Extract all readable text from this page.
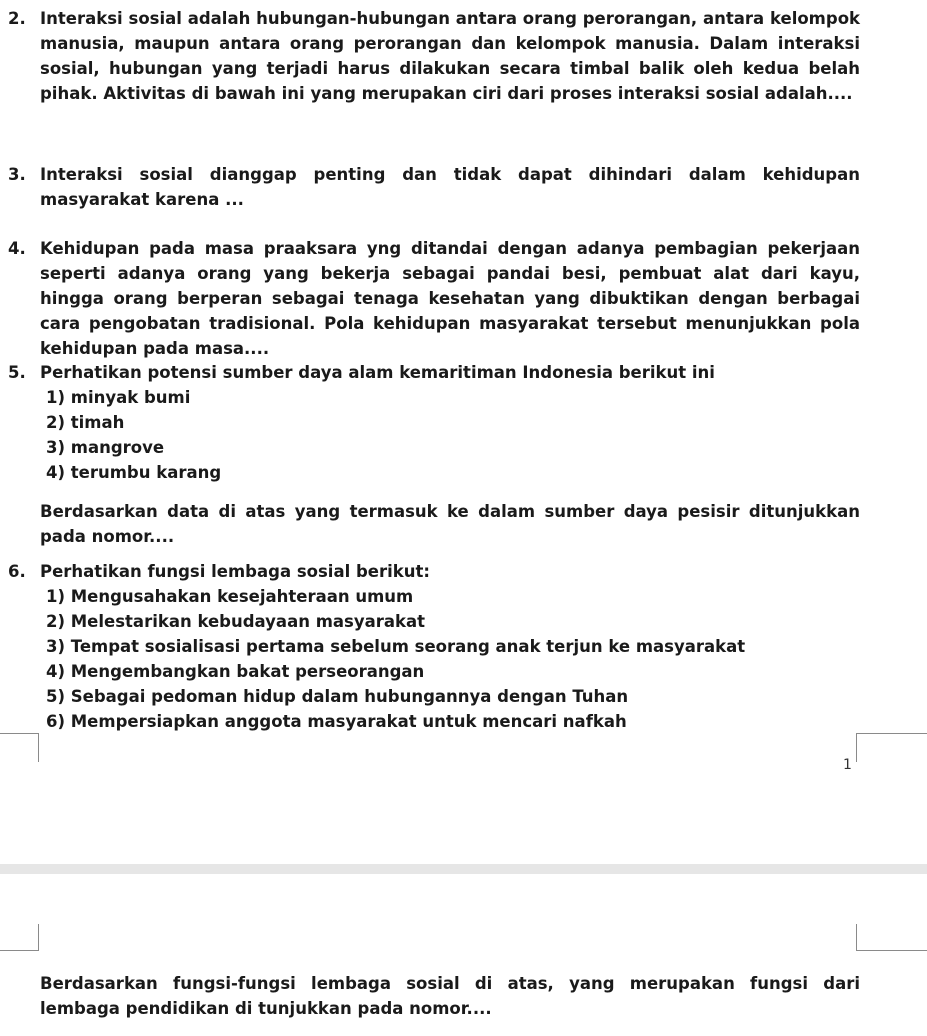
2. Interaksi sosial adalah hubungan-hubungan antara orang perorangan, antara kelompok manusia, maupun antara orang perorangan dan kelompok manusia. Dalam interaksi sosial, hubungan yang terjadi harus dilakukan secara timbal balik oleh kedua belah pihak. Aktivitas di bawah ini yang merupakan ciri dari proses interaksi sosial adalah....
3. Interaksi sosial dianggap penting dan tidak dapat dihindari dalam kehidupan masyarakat karena ...
4. Kehidupan pada masa praaksara yng ditandai dengan adanya pembagian pekerjaan seperti adanya orang yang bekerja sebagai pandai besi, pembuat alat dari kayu, hingga orang berperan sebagai tenaga kesehatan yang dibuktikan dengan berbagai cara pengobatan tradisional. Pola kehidupan masyarakat tersebut menunjukkan pola kehidupan pada masa....
5. Perhatikan potensi sumber daya alam kemaritiman Indonesia berikut ini
1) minyak bumi
2) timah
3) mangrove
4) terumbu karang
Berdasarkan data di atas yang termasuk ke dalam sumber daya pesisir ditunjukkan pada nomor....
6. Perhatikan fungsi lembaga sosial berikut:
1) Mengusahakan kesejahteraan umum
2) Melestarikan kebudayaan masyarakat
3) Tempat sosialisasi pertama sebelum seorang anak terjun ke masyarakat
4) Mengembangkan bakat perseorangan
5) Sebagai pedoman hidup dalam hubungannya dengan Tuhan
6) Mempersiapkan anggota masyarakat untuk mencari nafkah
1
Berdasarkan fungsi-fungsi lembaga sosial di atas, yang merupakan fungsi dari lembaga pendidikan di tunjukkan pada nomor....
